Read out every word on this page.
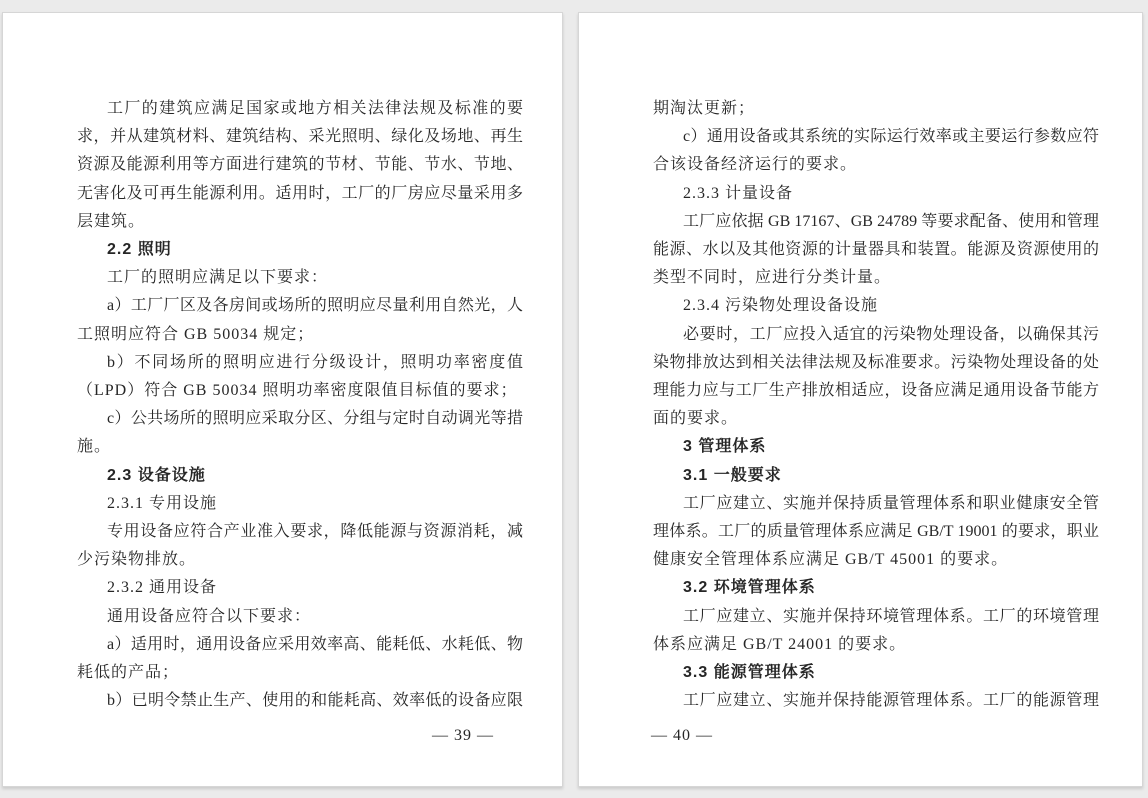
工厂的建筑应满足国家或地方相关法律法规及标准的要
求，并从建筑材料、建筑结构、采光照明、绿化及场地、再生
资源及能源利用等方面进行建筑的节材、节能、节水、节地、
无害化及可再生能源利用。适用时，工厂的厂房应尽量采用多
层建筑。
2.2 照明
工厂的照明应满足以下要求：
a）工厂厂区及各房间或场所的照明应尽量利用自然光，人
工照明应符合 GB 50034 规定；
b）不同场所的照明应进行分级设计，照明功率密度值
（LPD）符合 GB 50034 照明功率密度限值目标值的要求；
c）公共场所的照明应采取分区、分组与定时自动调光等措
施。
2.3 设备设施
2.3.1 专用设施
专用设备应符合产业准入要求，降低能源与资源消耗，减
少污染物排放。
2.3.2 通用设备
通用设备应符合以下要求：
a）适用时，通用设备应采用效率高、能耗低、水耗低、物
耗低的产品；
b）已明令禁止生产、使用的和能耗高、效率低的设备应限
— 39 —
期淘汰更新；
c）通用设备或其系统的实际运行效率或主要运行参数应符
合该设备经济运行的要求。
2.3.3 计量设备
工厂应依据 GB 17167、GB 24789 等要求配备、使用和管理
能源、水以及其他资源的计量器具和装置。能源及资源使用的
类型不同时，应进行分类计量。
2.3.4 污染物处理设备设施
必要时，工厂应投入适宜的污染物处理设备，以确保其污
染物排放达到相关法律法规及标准要求。污染物处理设备的处
理能力应与工厂生产排放相适应，设备应满足通用设备节能方
面的要求。
3 管理体系
3.1 一般要求
工厂应建立、实施并保持质量管理体系和职业健康安全管
理体系。工厂的质量管理体系应满足 GB/T 19001 的要求，职业
健康安全管理体系应满足 GB/T 45001 的要求。
3.2 环境管理体系
工厂应建立、实施并保持环境管理体系。工厂的环境管理
体系应满足 GB/T 24001 的要求。
3.3 能源管理体系
工厂应建立、实施并保持能源管理体系。工厂的能源管理
— 40 —
